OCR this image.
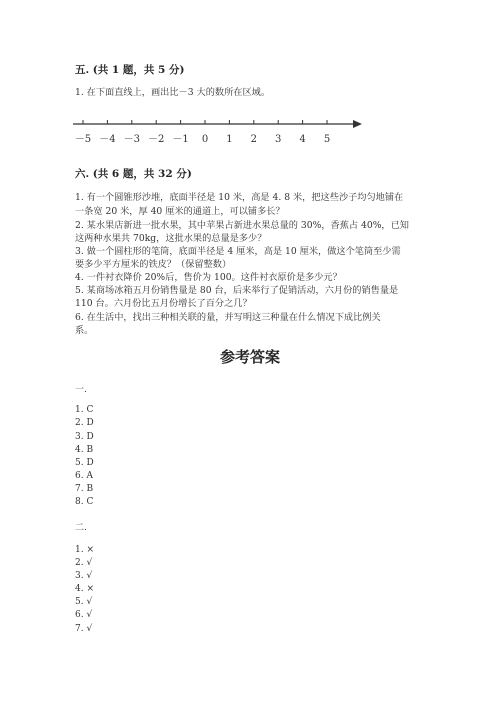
五. (共 1 题，共 5 分)
1. 在下面直线上，画出比－3 大的数所在区域。
－5 －4 －3 －2 －1 0 1 2 3 4 5
六. (共 6 题，共 32 分)
1. 有一个圆锥形沙堆，底面半径是 10 米，高是 4. 8 米，把这些沙子均匀地铺在
一条宽 20 米，厚 40 厘米的通道上，可以铺多长？
2. 某水果店新进一批水果，其中苹果占新进水果总量的 30%，香蕉占 40%，已知
这两种水果共 70kg，这批水果的总量是多少？
3. 做一个圆柱形的笔筒，底面半径是 4 厘米，高是 10 厘米，做这个笔筒至少需
要多少平方厘米的铁皮？（保留整数）
4. 一件衬衣降价 20%后，售价为 100。这件衬衣原价是多少元？
5. 某商场冰箱五月份销售量是 80 台，后来举行了促销活动，六月份的销售量是
110 台。六月份比五月份增长了百分之几？
6. 在生活中，找出三种相关联的量，并写明这三种量在什么情况下成比例关
系。
参考答案
一.
1. C
2. D
3. D
4. B
5. D
6. A
7. B
8. C
二.
1. ×
2. √
3. √
4. ×
5. √
6. √
7. √
